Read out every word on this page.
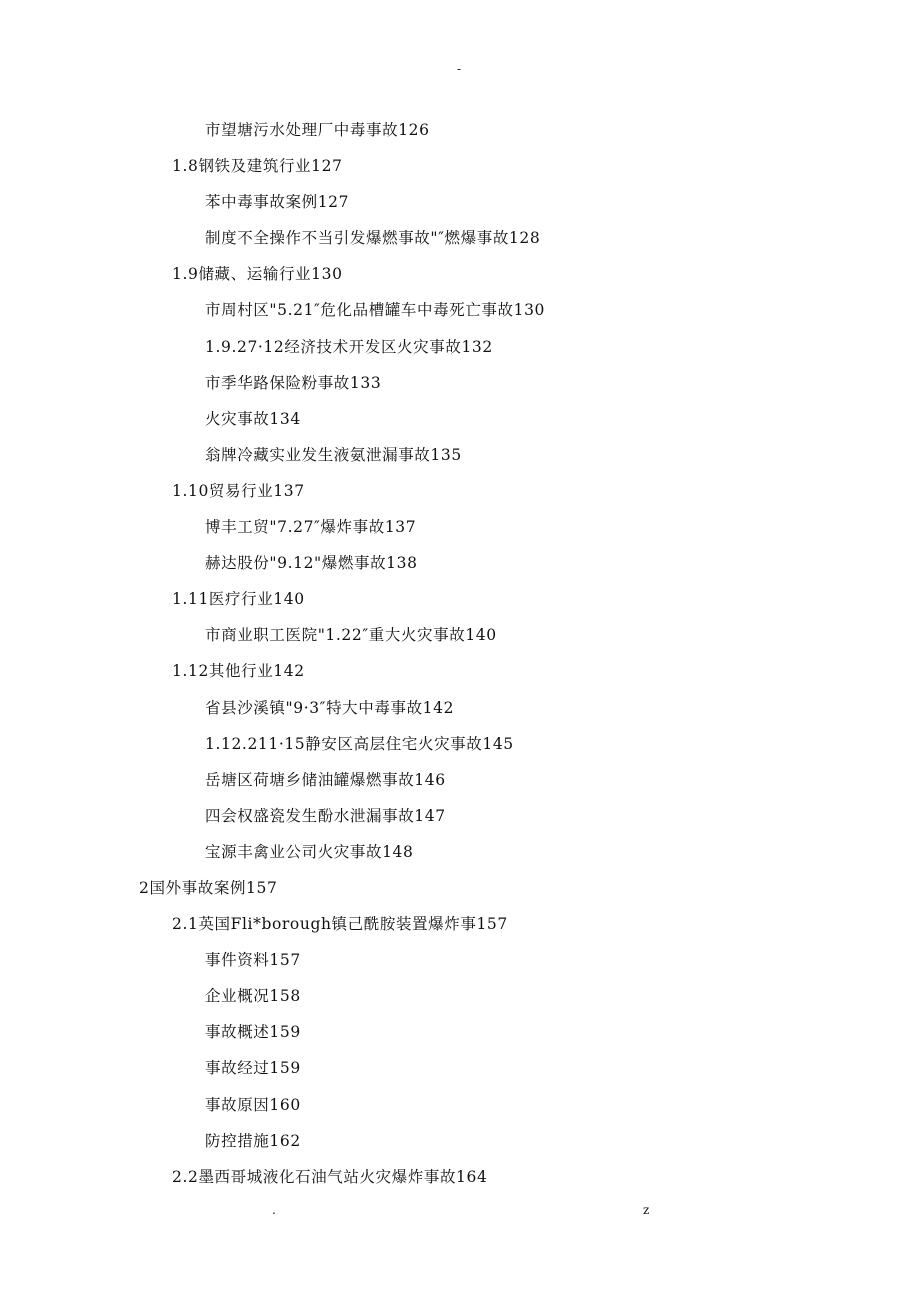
-
市望塘污水处理厂中毒事故126
1.8钢铁及建筑行业127
苯中毒事故案例127
制度不全操作不当引发爆燃事故"″燃爆事故128
1.9储藏、运输行业130
市周村区"5.21″危化品槽罐车中毒死亡事故130
1.9.27·12经济技术开发区火灾事故132
市季华路保险粉事故133
火灾事故134
翁牌冷藏实业发生液氨泄漏事故135
1.10贸易行业137
博丰工贸"7.27″爆炸事故137
赫达股份"9.12"爆燃事故138
1.11医疗行业140
市商业职工医院"1.22″重大火灾事故140
1.12其他行业142
省县沙溪镇"9·3″特大中毒事故142
1.12.211·15静安区高层住宅火灾事故145
岳塘区荷塘乡储油罐爆燃事故146
四会权盛瓷发生酚水泄漏事故147
宝源丰禽业公司火灾事故148
2国外事故案例157
2.1英国Fli*borough镇己酰胺装置爆炸事157
事件资料157
企业概况158
事故概述159
事故经过159
事故原因160
防控措施162
2.2墨西哥城液化石油气站火灾爆炸事故164
.	z
